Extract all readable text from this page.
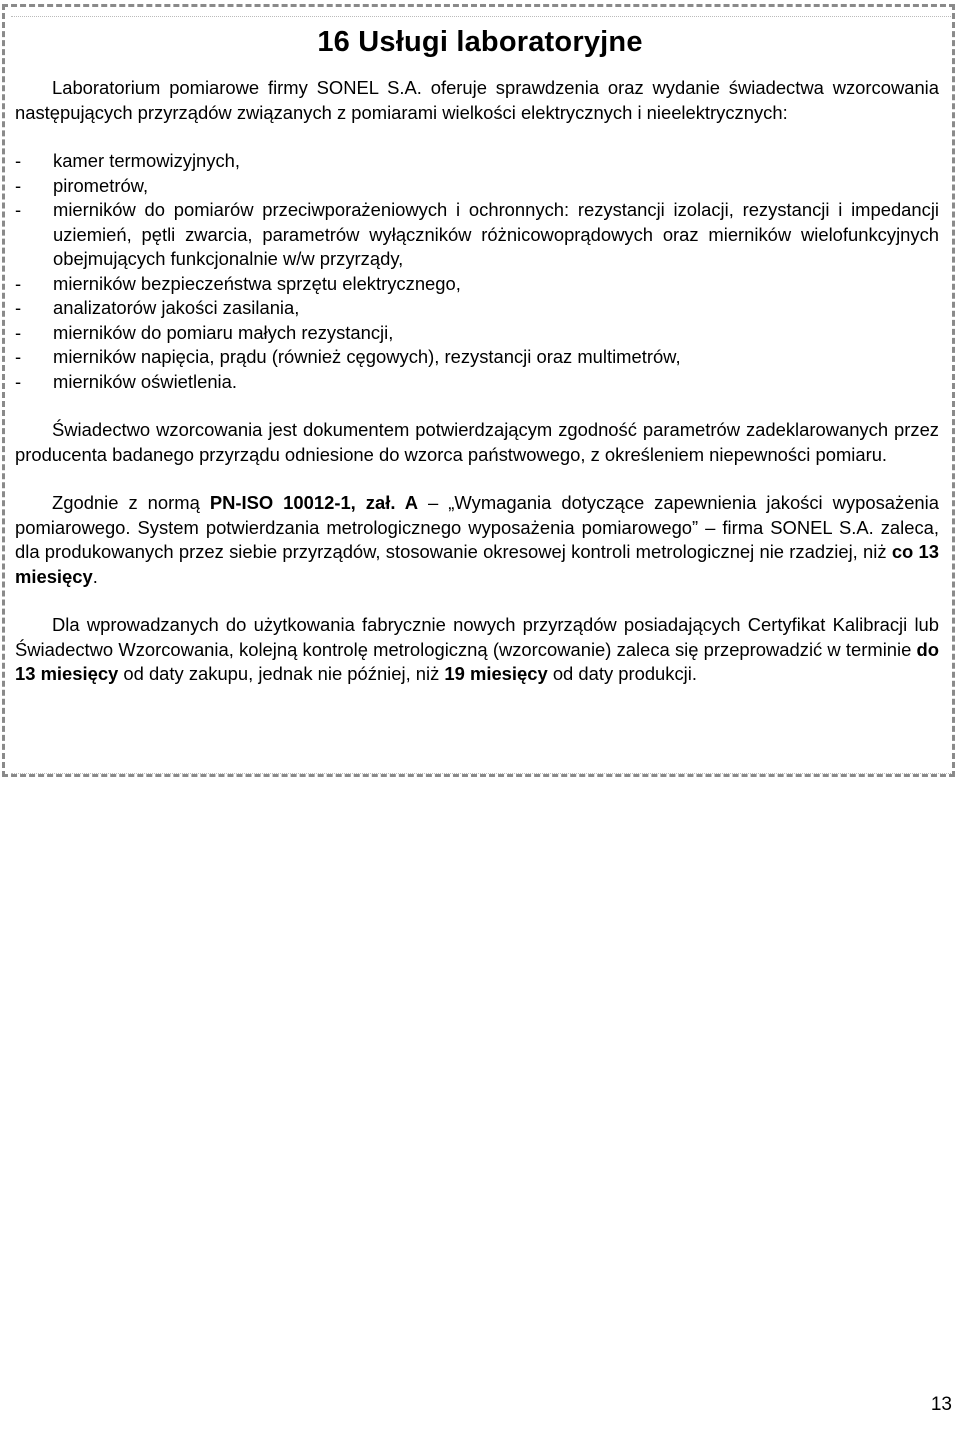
16 Usługi laboratoryjne

Laboratorium pomiarowe firmy SONEL S.A. oferuje sprawdzenia oraz wydanie świadectwa wzorcowania następujących przyrządów związanych z pomiarami wielkości elektrycznych i nieelektrycznych:

-	kamer termowizyjnych,
-	pirometrów,
-	mierników do pomiarów przeciwporażeniowych i ochronnych: rezystancji izolacji, rezystancji i impedancji uziemień, pętli zwarcia, parametrów wyłączników różnicowoprądowych oraz mierników wielofunkcyjnych obejmujących funkcjonalnie w/w przyrządy,
-	mierników bezpieczeństwa sprzętu elektrycznego,
-	analizatorów jakości zasilania,
-	mierników do pomiaru małych rezystancji,
-	mierników napięcia, prądu (również cęgowych), rezystancji oraz multimetrów,
-	mierników oświetlenia.

Świadectwo wzorcowania jest dokumentem potwierdzającym zgodność parametrów zadeklarowanych przez producenta badanego przyrządu odniesione do wzorca państwowego, z określeniem niepewności pomiaru.

Zgodnie z normą PN-ISO 10012-1, zał. A – „Wymagania dotyczące zapewnienia jakości wyposażenia pomiarowego. System potwierdzania metrologicznego wyposażenia pomiarowego” – firma SONEL S.A. zaleca, dla produkowanych przez siebie przyrządów, stosowanie okresowej kontroli metrologicznej nie rzadziej, niż co 13 miesięcy.

Dla wprowadzanych do użytkowania fabrycznie nowych przyrządów posiadających Certyfikat Kalibracji lub Świadectwo Wzorcowania, kolejną kontrolę metrologiczną (wzorcowanie) zaleca się przeprowadzić w terminie do 13 miesięcy od daty zakupu, jednak nie później, niż 19 miesięcy od daty produkcji.

13
